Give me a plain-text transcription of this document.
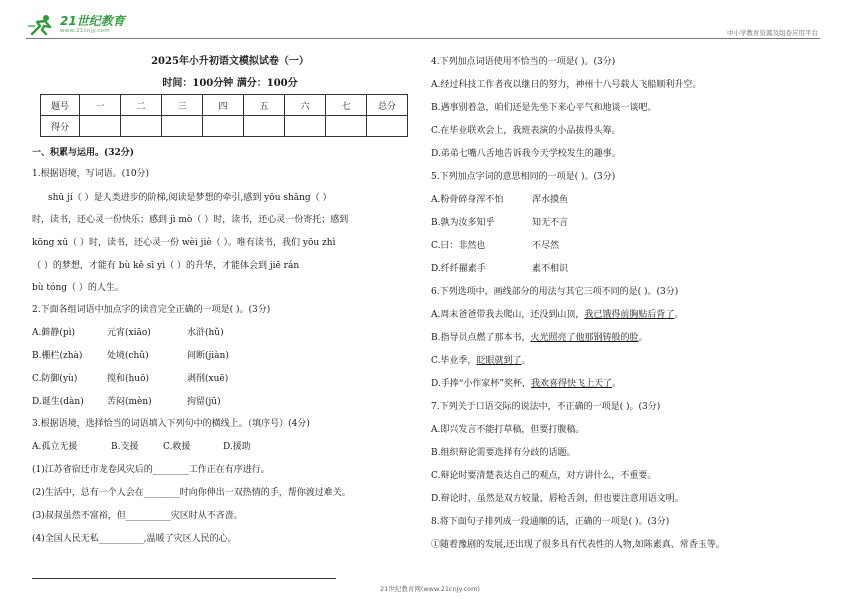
21世纪教育
www.21cnjy.com	中小学教育资源及组卷应用平台
2025年小升初语文模拟试卷（一）
时间：100分钟 满分：100分
题号	一	二	三	四	五	六	七	总分
得分								
一、积累与运用。(32分)
1.根据语境，写词语。(10分)
shū jí（ ）是人类进步的阶梯,阅读是梦想的牵引,感到 yōu shāng（ ）
时，读书，还心灵一份快乐；感到 jì mò（ ）时，读书，还心灵一份寄托；感到
kōng xū（ ）时，读书，还心灵一份 wèi jiè（ ）。唯有读书，我们 yōu zhì
（ ）的梦想，才能有 bù kě sī yì（ ）的升华，才能体会到 jiē rán
bù tóng（ ）的人生。
2.下面各组词语中加点字的读音完全正确的一项是( )。(3分)
A.僻静(pì)	元宵(xiāo)	水浒(hǔ)
B.栅栏(zhà)	处境(chǔ)	间断(jiàn)
C.防御(yù)	搅和(huō)	剥削(xuē)
D.诞生(dàn)	苦闷(mèn)	拘留(jū)
3.根据语境，选择恰当的词语填入下列句中的横线上。（填序号）(4分)
A.孤立无援	B.支援	C.救援	D.援助
(1)江苏省宿迁市龙卷风灾后的________工作正在有序进行。
(2)生活中，总有一个人会在________时向你伸出一双热情的手，帮你渡过难关。
(3)叔叔虽然不富裕，但__________灾区时从不吝啬。
(4)全国人民无私__________,温暖了灾区人民的心。
4.下列加点词语使用不恰当的一项是( )。(3分)
A.经过科技工作者夜以继日的努力，神州十八号载人飞船顺利升空。
B.遇事别着急，咱们还是先坐下来心平气和地谈一谈吧。
C.在毕业联欢会上，我班表演的小品拔得头筹。
D.弟弟七嘴八舌地告诉我今天学校发生的趣事。
5.下列加点字词的意思相同的一项是( )。(3分)
A.粉骨碎身浑不怕	浑水摸鱼
B.孰为汝多知乎	知无不言
C.曰：非然也	不尽然
D.纤纤擢素手	素不相识
6.下列选项中，画线部分的用法与其它三项不同的是( )。(3分)
A.周末爸爸带我去爬山，还没到山顶，我已饿得前胸贴后背了。
B.指导员点燃了那本书，火光照亮了他那钢铸般的脸。
C.毕业季，眨眼就到了。
D.手捧“小作家杯”奖杯，我欢喜得快飞上天了。
7.下列关于口语交际的说法中，不正确的一项是( )。(3分)
A.即兴发言不能打草稿，但要打腹稿。
B.组织辩论需要选择有分歧的话题。
C.辩论时要清楚表达自己的观点，对方讲什么，不重要。
D.辩论时，虽然是双方较量，唇枪舌剑，但也要注意用语文明。
8.将下面句子排列成一段通顺的话，正确的一项是( )。(3分)
①随着豫剧的发展,还出现了很多具有代表性的人物,如陈素真、常香玉等。
21世纪教育网(www.21cnjy.com)
